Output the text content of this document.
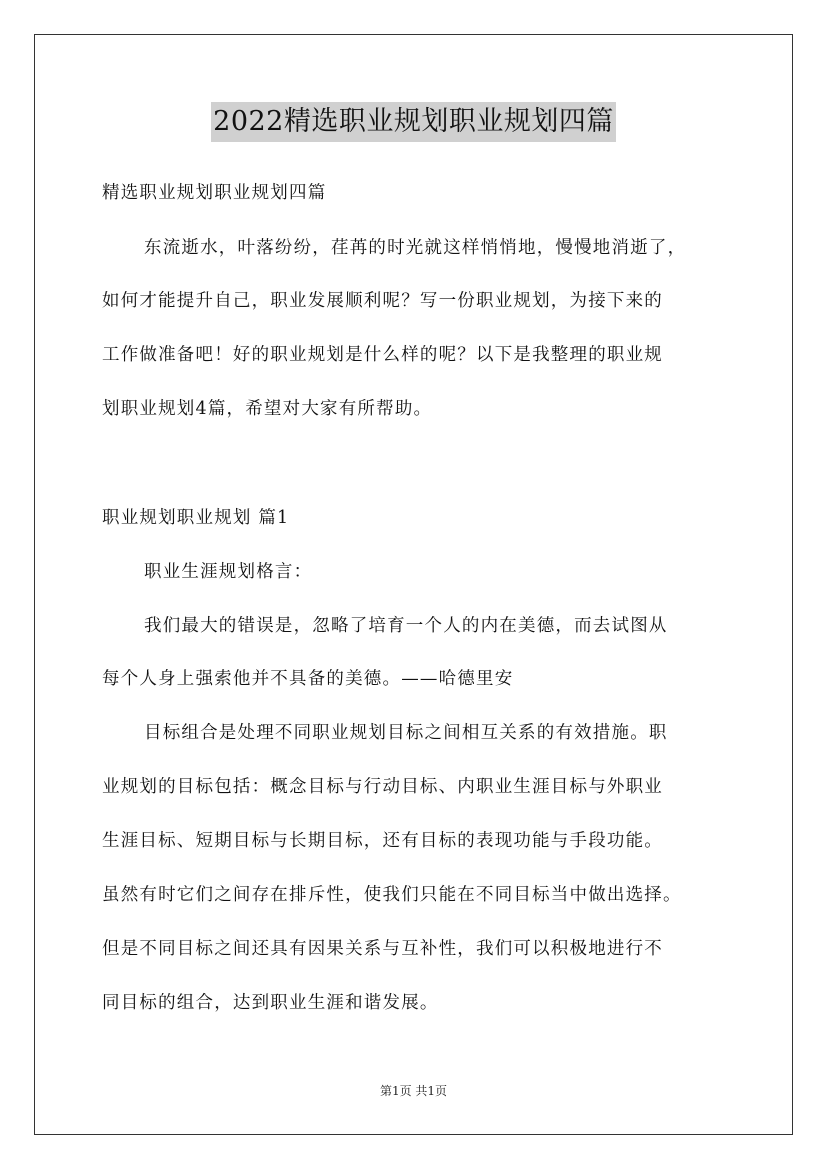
2022精选职业规划职业规划四篇
精选职业规划职业规划四篇
东流逝水，叶落纷纷，荏苒的时光就这样悄悄地，慢慢地消逝了，
如何才能提升自己，职业发展顺利呢？写一份职业规划，为接下来的
工作做准备吧！好的职业规划是什么样的呢？以下是我整理的职业规
划职业规划4篇，希望对大家有所帮助。
职业规划职业规划 篇1
职业生涯规划格言：
我们最大的错误是，忽略了培育一个人的内在美德，而去试图从
每个人身上强索他并不具备的美德。——哈德里安
目标组合是处理不同职业规划目标之间相互关系的有效措施。职
业规划的目标包括：概念目标与行动目标、内职业生涯目标与外职业
生涯目标、短期目标与长期目标，还有目标的表现功能与手段功能。
虽然有时它们之间存在排斥性，使我们只能在不同目标当中做出选择。
但是不同目标之间还具有因果关系与互补性，我们可以积极地进行不
同目标的组合，达到职业生涯和谐发展。
第1页 共1页
